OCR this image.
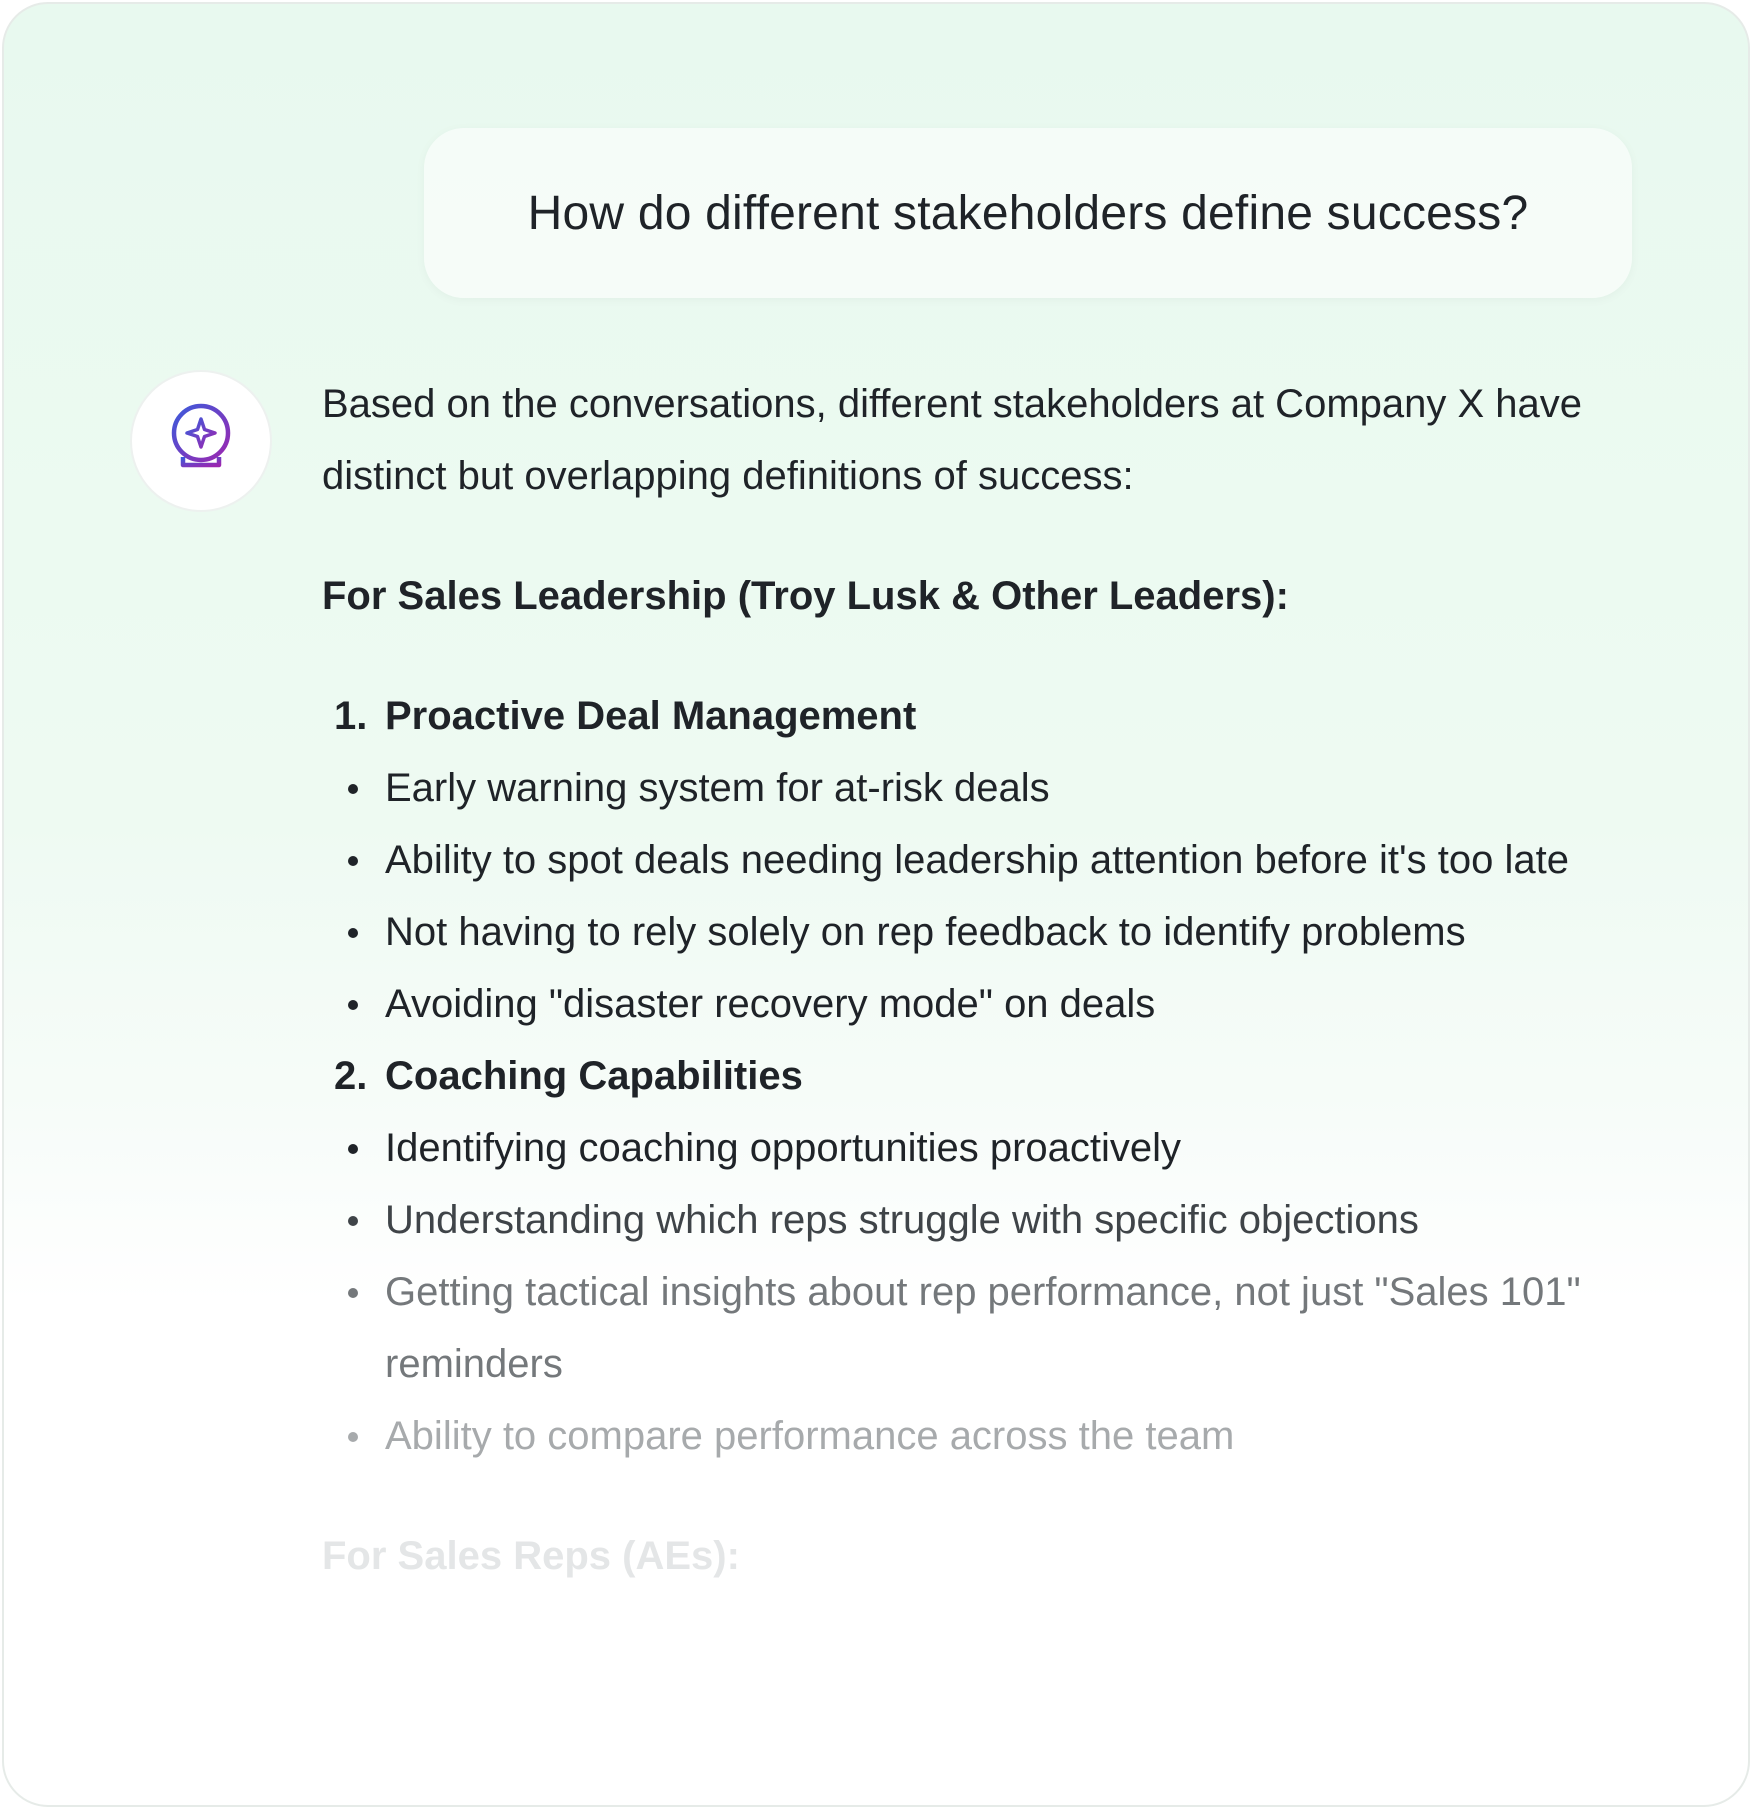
How do different stakeholders define success?

Based on the conversations, different stakeholders at Company X have distinct but overlapping definitions of success:

For Sales Leadership (Troy Lusk & Other Leaders):

1. Proactive Deal Management
Early warning system for at-risk deals
Ability to spot deals needing leadership attention before it's too late
Not having to rely solely on rep feedback to identify problems
Avoiding "disaster recovery mode" on deals
2. Coaching Capabilities
Identifying coaching opportunities proactively
Understanding which reps struggle with specific objections
Getting tactical insights about rep performance, not just "Sales 101" reminders
Ability to compare performance across the team

For Sales Reps (AEs):
